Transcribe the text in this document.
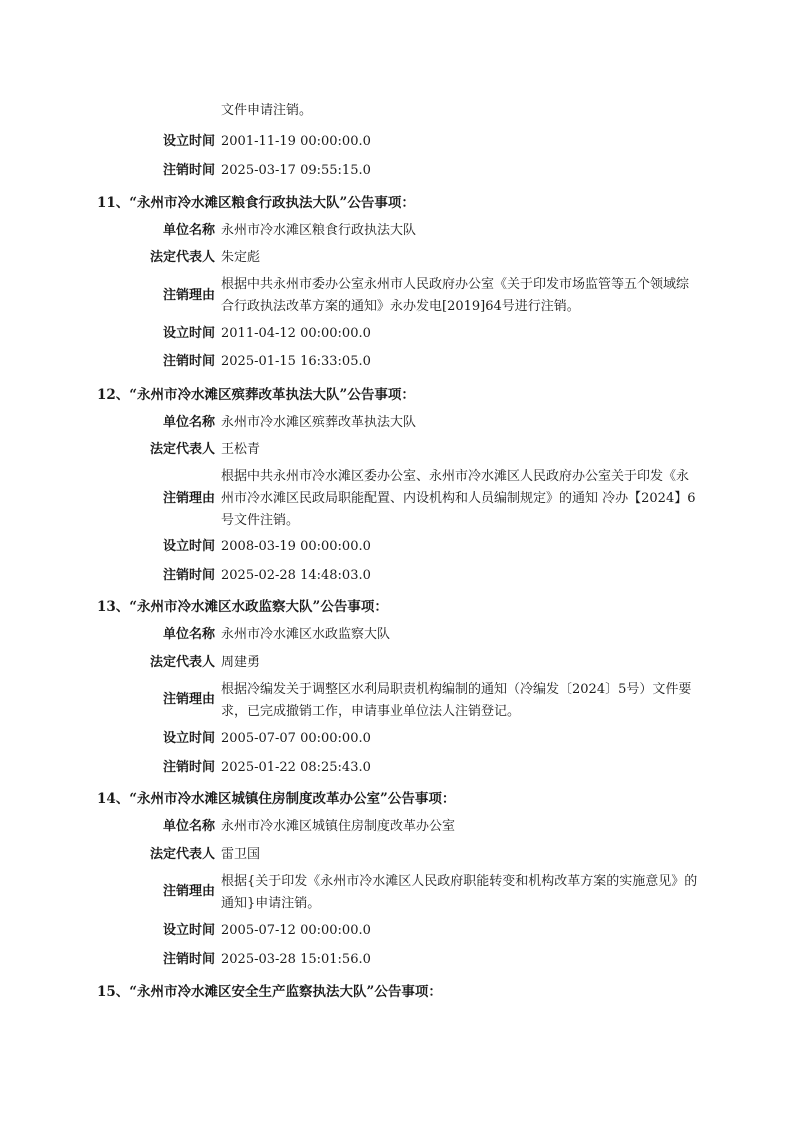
文件申请注销。
设立时间 2001-11-19 00:00:00.0
注销时间 2025-03-17 09:55:15.0
11、“永州市冷水滩区粮食行政执法大队”公告事项：
单位名称 永州市冷水滩区粮食行政执法大队
法定代表人 朱定彪
注销理由
根据中共永州市委办公室永州市人民政府办公室《关于印发市场监管等五个领域综合行政执法改革方案的通知》永办发电[2019]64号进行注销。
设立时间 2011-04-12 00:00:00.0
注销时间 2025-01-15 16:33:05.0
12、“永州市冷水滩区殡葬改革执法大队”公告事项：
单位名称 永州市冷水滩区殡葬改革执法大队
法定代表人 王松青
注销理由
根据中共永州市冷水滩区委办公室、永州市冷水滩区人民政府办公室关于印发《永州市冷水滩区民政局职能配置、内设机构和人员编制规定》的通知 冷办【2024】6号文件注销。
设立时间 2008-03-19 00:00:00.0
注销时间 2025-02-28 14:48:03.0
13、“永州市冷水滩区水政监察大队”公告事项：
单位名称 永州市冷水滩区水政监察大队
法定代表人 周建勇
注销理由
根据冷编发关于调整区水利局职责机构编制的通知（冷编发〔2024〕5号）文件要求，已完成撤销工作，申请事业单位法人注销登记。
设立时间 2005-07-07 00:00:00.0
注销时间 2025-01-22 08:25:43.0
14、“永州市冷水滩区城镇住房制度改革办公室”公告事项：
单位名称 永州市冷水滩区城镇住房制度改革办公室
法定代表人 雷卫国
注销理由
根据{关于印发《永州市冷水滩区人民政府职能转变和机构改革方案的实施意见》的通知}申请注销。
设立时间 2005-07-12 00:00:00.0
注销时间 2025-03-28 15:01:56.0
15、“永州市冷水滩区安全生产监察执法大队”公告事项：
